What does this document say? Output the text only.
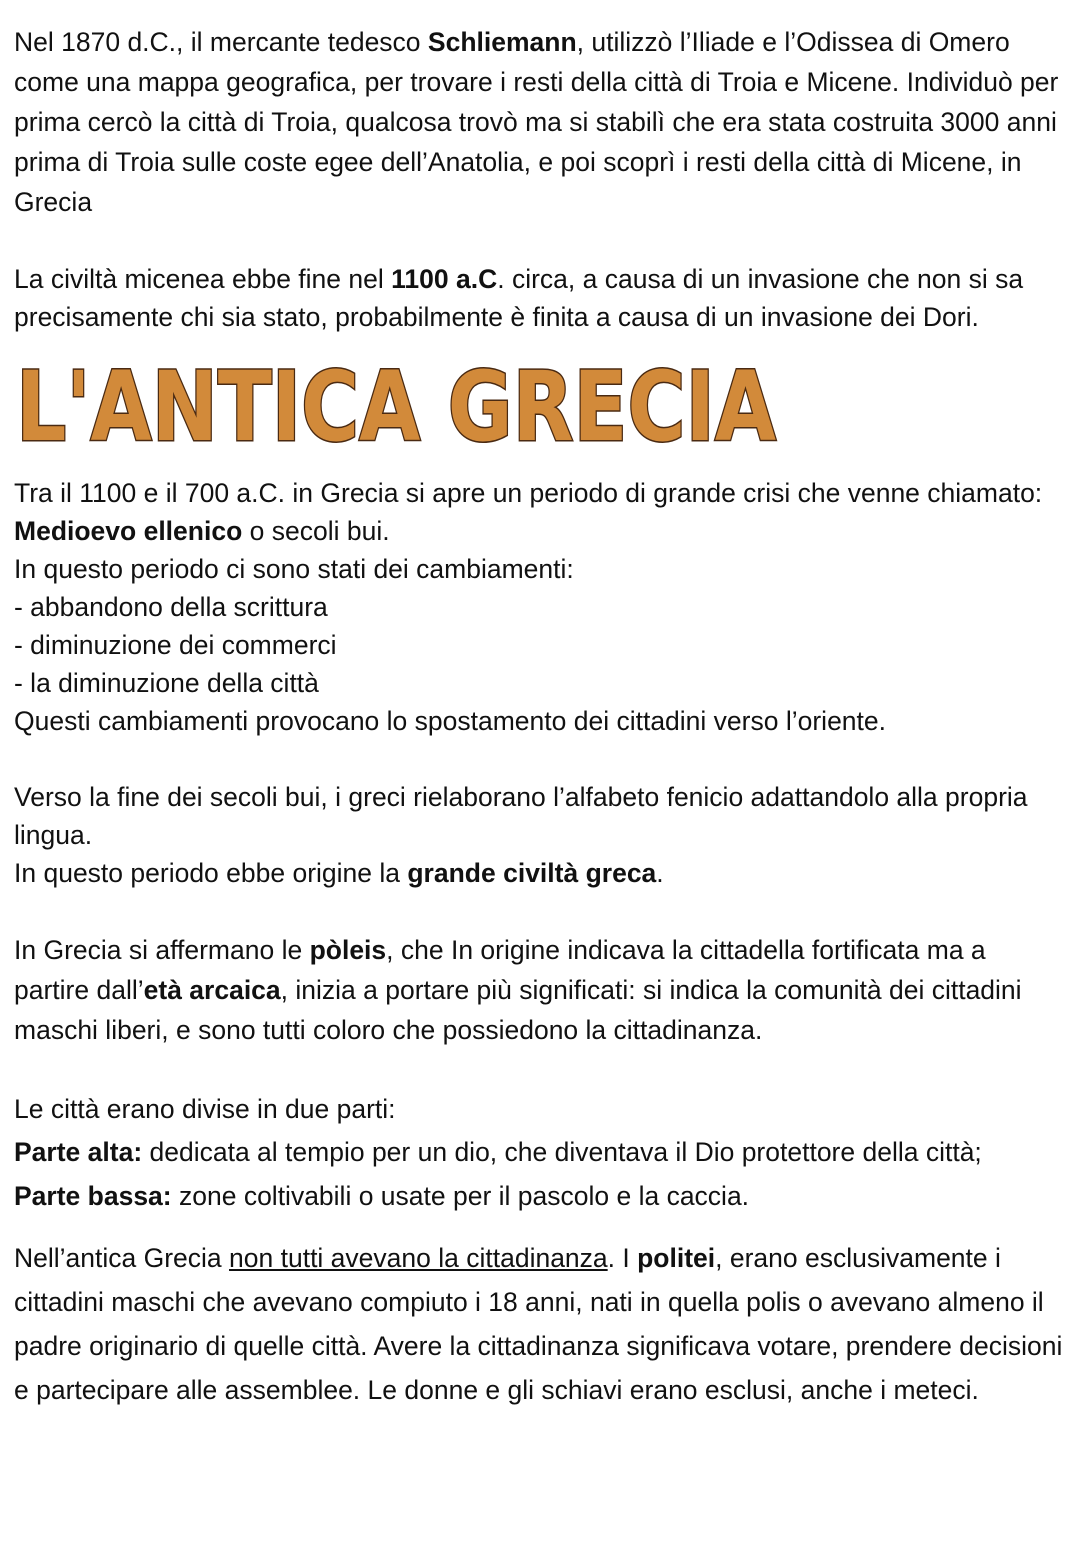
Nel 1870 d.C., il mercante tedesco Schliemann, utilizzò l’Iliade e l’Odissea di Omero come una mappa geografica, per trovare i resti della città di Troia e Micene. Individuò per prima cercò la città di Troia, qualcosa trovò ma si stabilì che era stata costruita 3000 anni prima di Troia sulle coste egee dell’Anatolia, e poi scoprì i resti della città di Micene, in Grecia

La civiltà micenea ebbe fine nel 1100 a.C. circa, a causa di un invasione che non si sa precisamente chi sia stato, probabilmente è finita a causa di un invasione dei Dori.

L'ANTICA GRECIA

Tra il 1100 e il 700 a.C. in Grecia si apre un periodo di grande crisi che venne chiamato: Medioevo ellenico o secoli bui.

In questo periodo ci sono stati dei cambiamenti:

- abbandono della scrittura

- diminuzione dei commerci

- la diminuzione della città

Questi cambiamenti provocano lo spostamento dei cittadini verso l’oriente.

Verso la fine dei secoli bui, i greci rielaborano l’alfabeto fenicio adattandolo alla propria lingua.

In questo periodo ebbe origine la grande civiltà greca.

In Grecia si affermano le pòleis, che In origine indicava la cittadella fortificata ma a partire dall’età arcaica, inizia a portare più significati: si indica la comunità dei cittadini maschi liberi, e sono tutti coloro che possiedono la cittadinanza.

Le città erano divise in due parti:

Parte alta: dedicata al tempio per un dio, che diventava il Dio protettore della città;

Parte bassa: zone coltivabili o usate per il pascolo e la caccia.

Nell’antica Grecia non tutti avevano la cittadinanza. I politei, erano esclusivamente i cittadini maschi che avevano compiuto i 18 anni, nati in quella polis o avevano almeno il padre originario di quelle città. Avere la cittadinanza significava votare, prendere decisioni e partecipare alle assemblee. Le donne e gli schiavi erano esclusi, anche i meteci.
